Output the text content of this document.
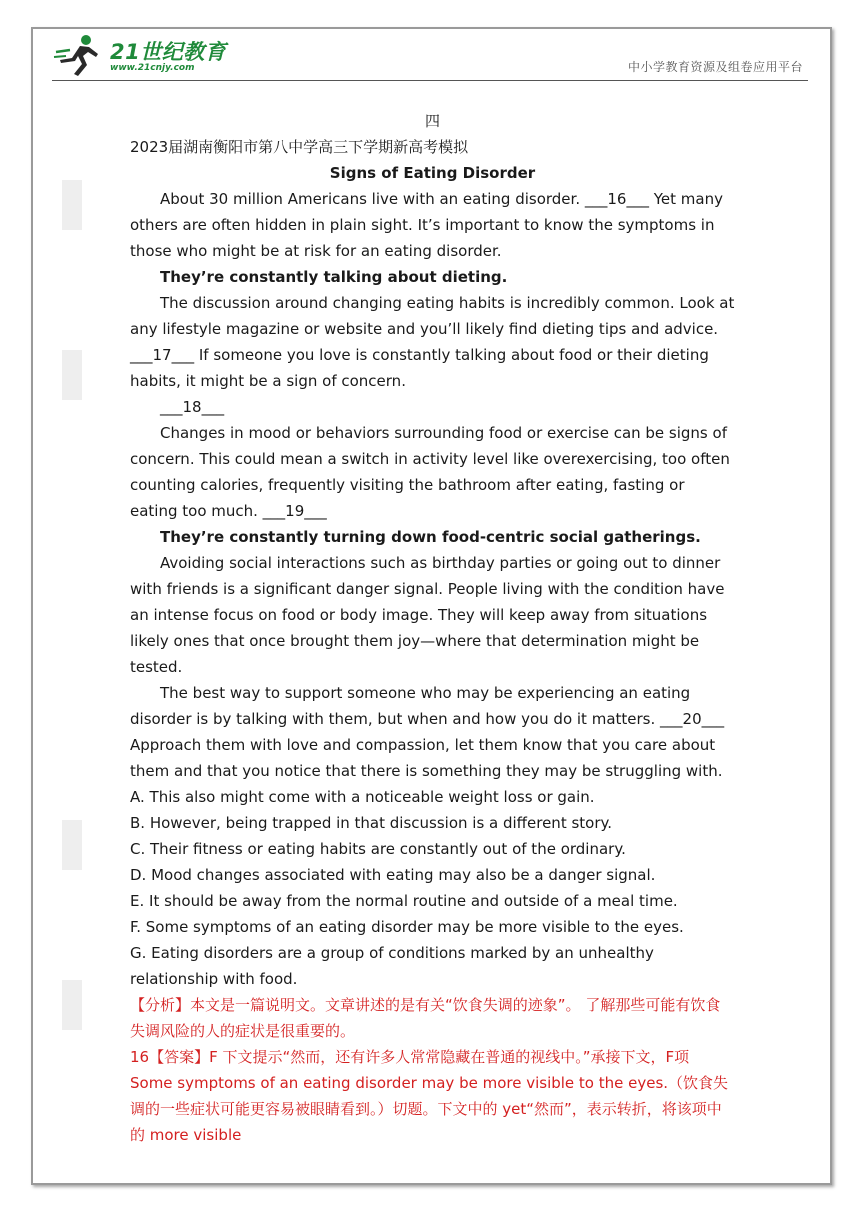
21世纪教育
www.21cnjy.com	中小学教育资源及组卷应用平台

四

2023届湖南衡阳市第八中学高三下学期新高考模拟

Signs of Eating Disorder

About 30 million Americans live with an eating disorder. ___16___ Yet many others are often hidden in plain sight. It’s important to know the symptoms in those who might be at risk for an eating disorder.

They’re constantly talking about dieting.

The discussion around changing eating habits is incredibly common. Look at any lifestyle magazine or website and you’ll likely find dieting tips and advice. ___17___ If someone you love is constantly talking about food or their dieting habits, it might be a sign of concern.

___18___

Changes in mood or behaviors surrounding food or exercise can be signs of concern. This could mean a switch in activity level like overexercising, too often counting calories, frequently visiting the bathroom after eating, fasting or eating too much. ___19___

They’re constantly turning down food-centric social gatherings.

Avoiding social interactions such as birthday parties or going out to dinner with friends is a significant danger signal. People living with the condition have an intense focus on food or body image. They will keep away from situations likely ones that once brought them joy—where that determination might be tested.

The best way to support someone who may be experiencing an eating disorder is by talking with them, but when and how you do it matters. ___20___ Approach them with love and compassion, let them know that you care about them and that you notice that there is something they may be struggling with.

A. This also might come with a noticeable weight loss or gain.

B. However, being trapped in that discussion is a different story.

C. Their fitness or eating habits are constantly out of the ordinary.

D. Mood changes associated with eating may also be a danger signal.

E. It should be away from the normal routine and outside of a meal time.

F. Some symptoms of an eating disorder may be more visible to the eyes.

G. Eating disorders are a group of conditions marked by an unhealthy relationship with food.

【分析】本文是一篇说明文。文章讲述的是有关“饮食失调的迹象”。 了解那些可能有饮食失调风险的人的症状是很重要的。

16【答案】F 下文提示“然而，还有许多人常常隐藏在普通的视线中。”承接下文，F项 Some symptoms of an eating disorder may be more visible to the eyes.（饮食失调的一些症状可能更容易被眼睛看到。）切题。下文中的 yet“然而”，表示转折，将该项中的 more visible
